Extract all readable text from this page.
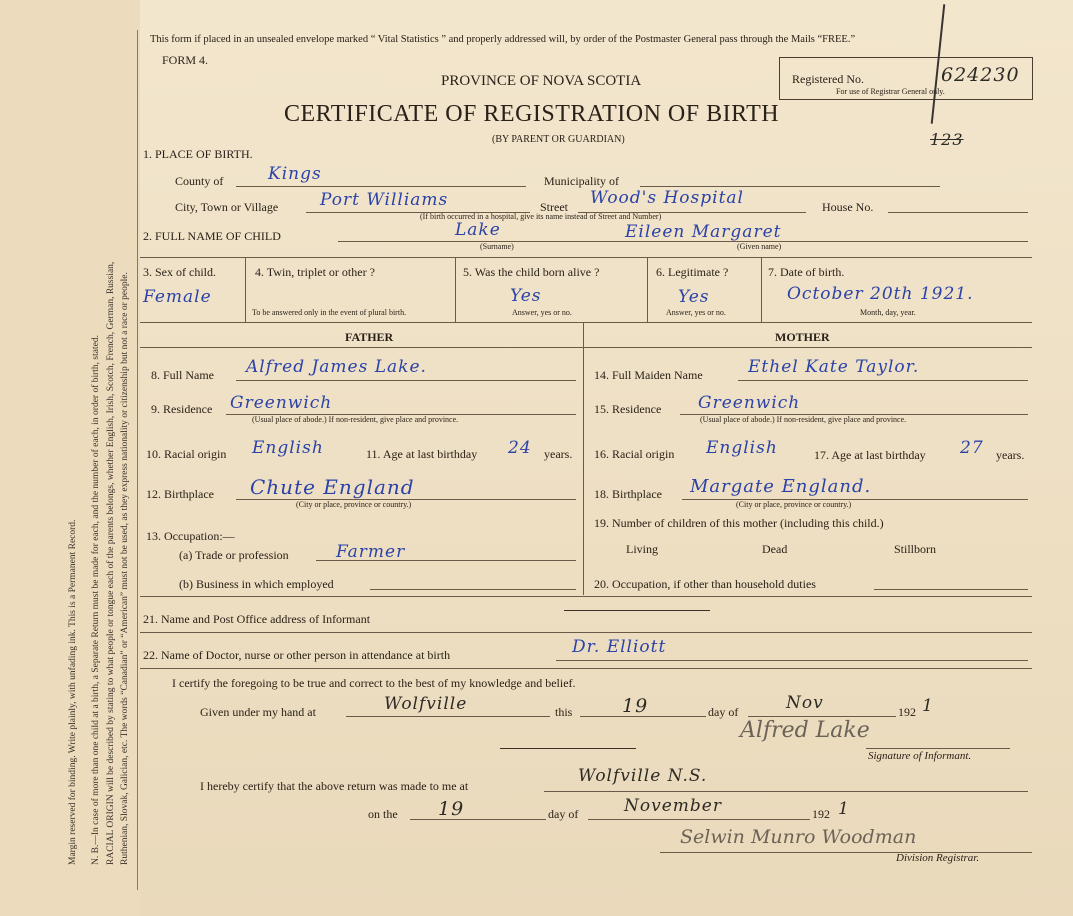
Margin reserved for binding. Write plainly, with unfading ink. This is a Permanent Record. N. B.—In case of more than one child at a birth, a Separate Return must be made for each, and the number of each, in order of birth, stated. RACIAL ORIGIN will be described by stating to what people or tongue each of the parents belongs, whether English, Irish, Scotch, French, German, Russian, Ruthenian, Slovak, Galician, etc. The words “Canadian” or “American” must not be used, as they express nationality or citizenship but not a race or people.
This form if placed in an unsealed envelope marked “ Vital Statistics ” and properly addressed will, by order of the Postmaster General pass through the Mails “FREE.”
FORM 4.
PROVINCE OF NOVA SCOTIA
CERTIFICATE OF REGISTRATION OF BIRTH
(BY PARENT OR GUARDIAN)
Registered No.	624230
For use of Registrar General only.
123
1. PLACE OF BIRTH.
County of	Kings	Municipality of
City, Town or Village Port Williams	Street Wood's Hospital
(If birth occurred in a hospital, give its name instead of Street and Number)
House No.
2. FULL NAME OF CHILD	Lake
(Surname)
Eileen Margaret
(Given name)
3. Sex of child.
Female
4. Twin, triplet or other ?
To be answered only in the event of plural birth.
5. Was the child born alive ?
Yes
Answer, yes or no.
6. Legitimate ?
Yes
Answer, yes or no.
7. Date of birth.
October 20th 1921.
Month, day, year.
FATHER	MOTHER
8. Full Name Alfred James Lake.
9. Residence Greenwich
(Usual place of abode.) If non-resident, give place and province.
10. Racial origin English	11. Age at last birthday 24 years.
12. Birthplace Chute England
(City or place, province or country.)
13. Occupation:—
(a) Trade or profession	Farmer
(b) Business in which employed
14. Full Maiden Name	Ethel Kate Taylor.
15. Residence Greenwich
(Usual place of abode.) If non-resident, give place and province.
16. Racial origin English	17. Age at last birthday 27 years.
18. Birthplace Margate England.
(City or place, province or country.)
19. Number of children of this mother (including this child.)
Living	Dead	Stillborn
20. Occupation, if other than household duties
21. Name and Post Office address of Informant
22. Name of Doctor, nurse or other person in attendance at birth	Dr. Elliott
I certify the foregoing to be true and correct to the best of my knowledge and belief.
Given under my hand at	Wolfville	this	19	day of	Nov	192 1
Alfred Lake
Signature of Informant.
I hereby certify that the above return was made to me at	Wolfville N.S.
on the 19	day of	November	192 1
Selwin Munro Woodman
Division Registrar.
